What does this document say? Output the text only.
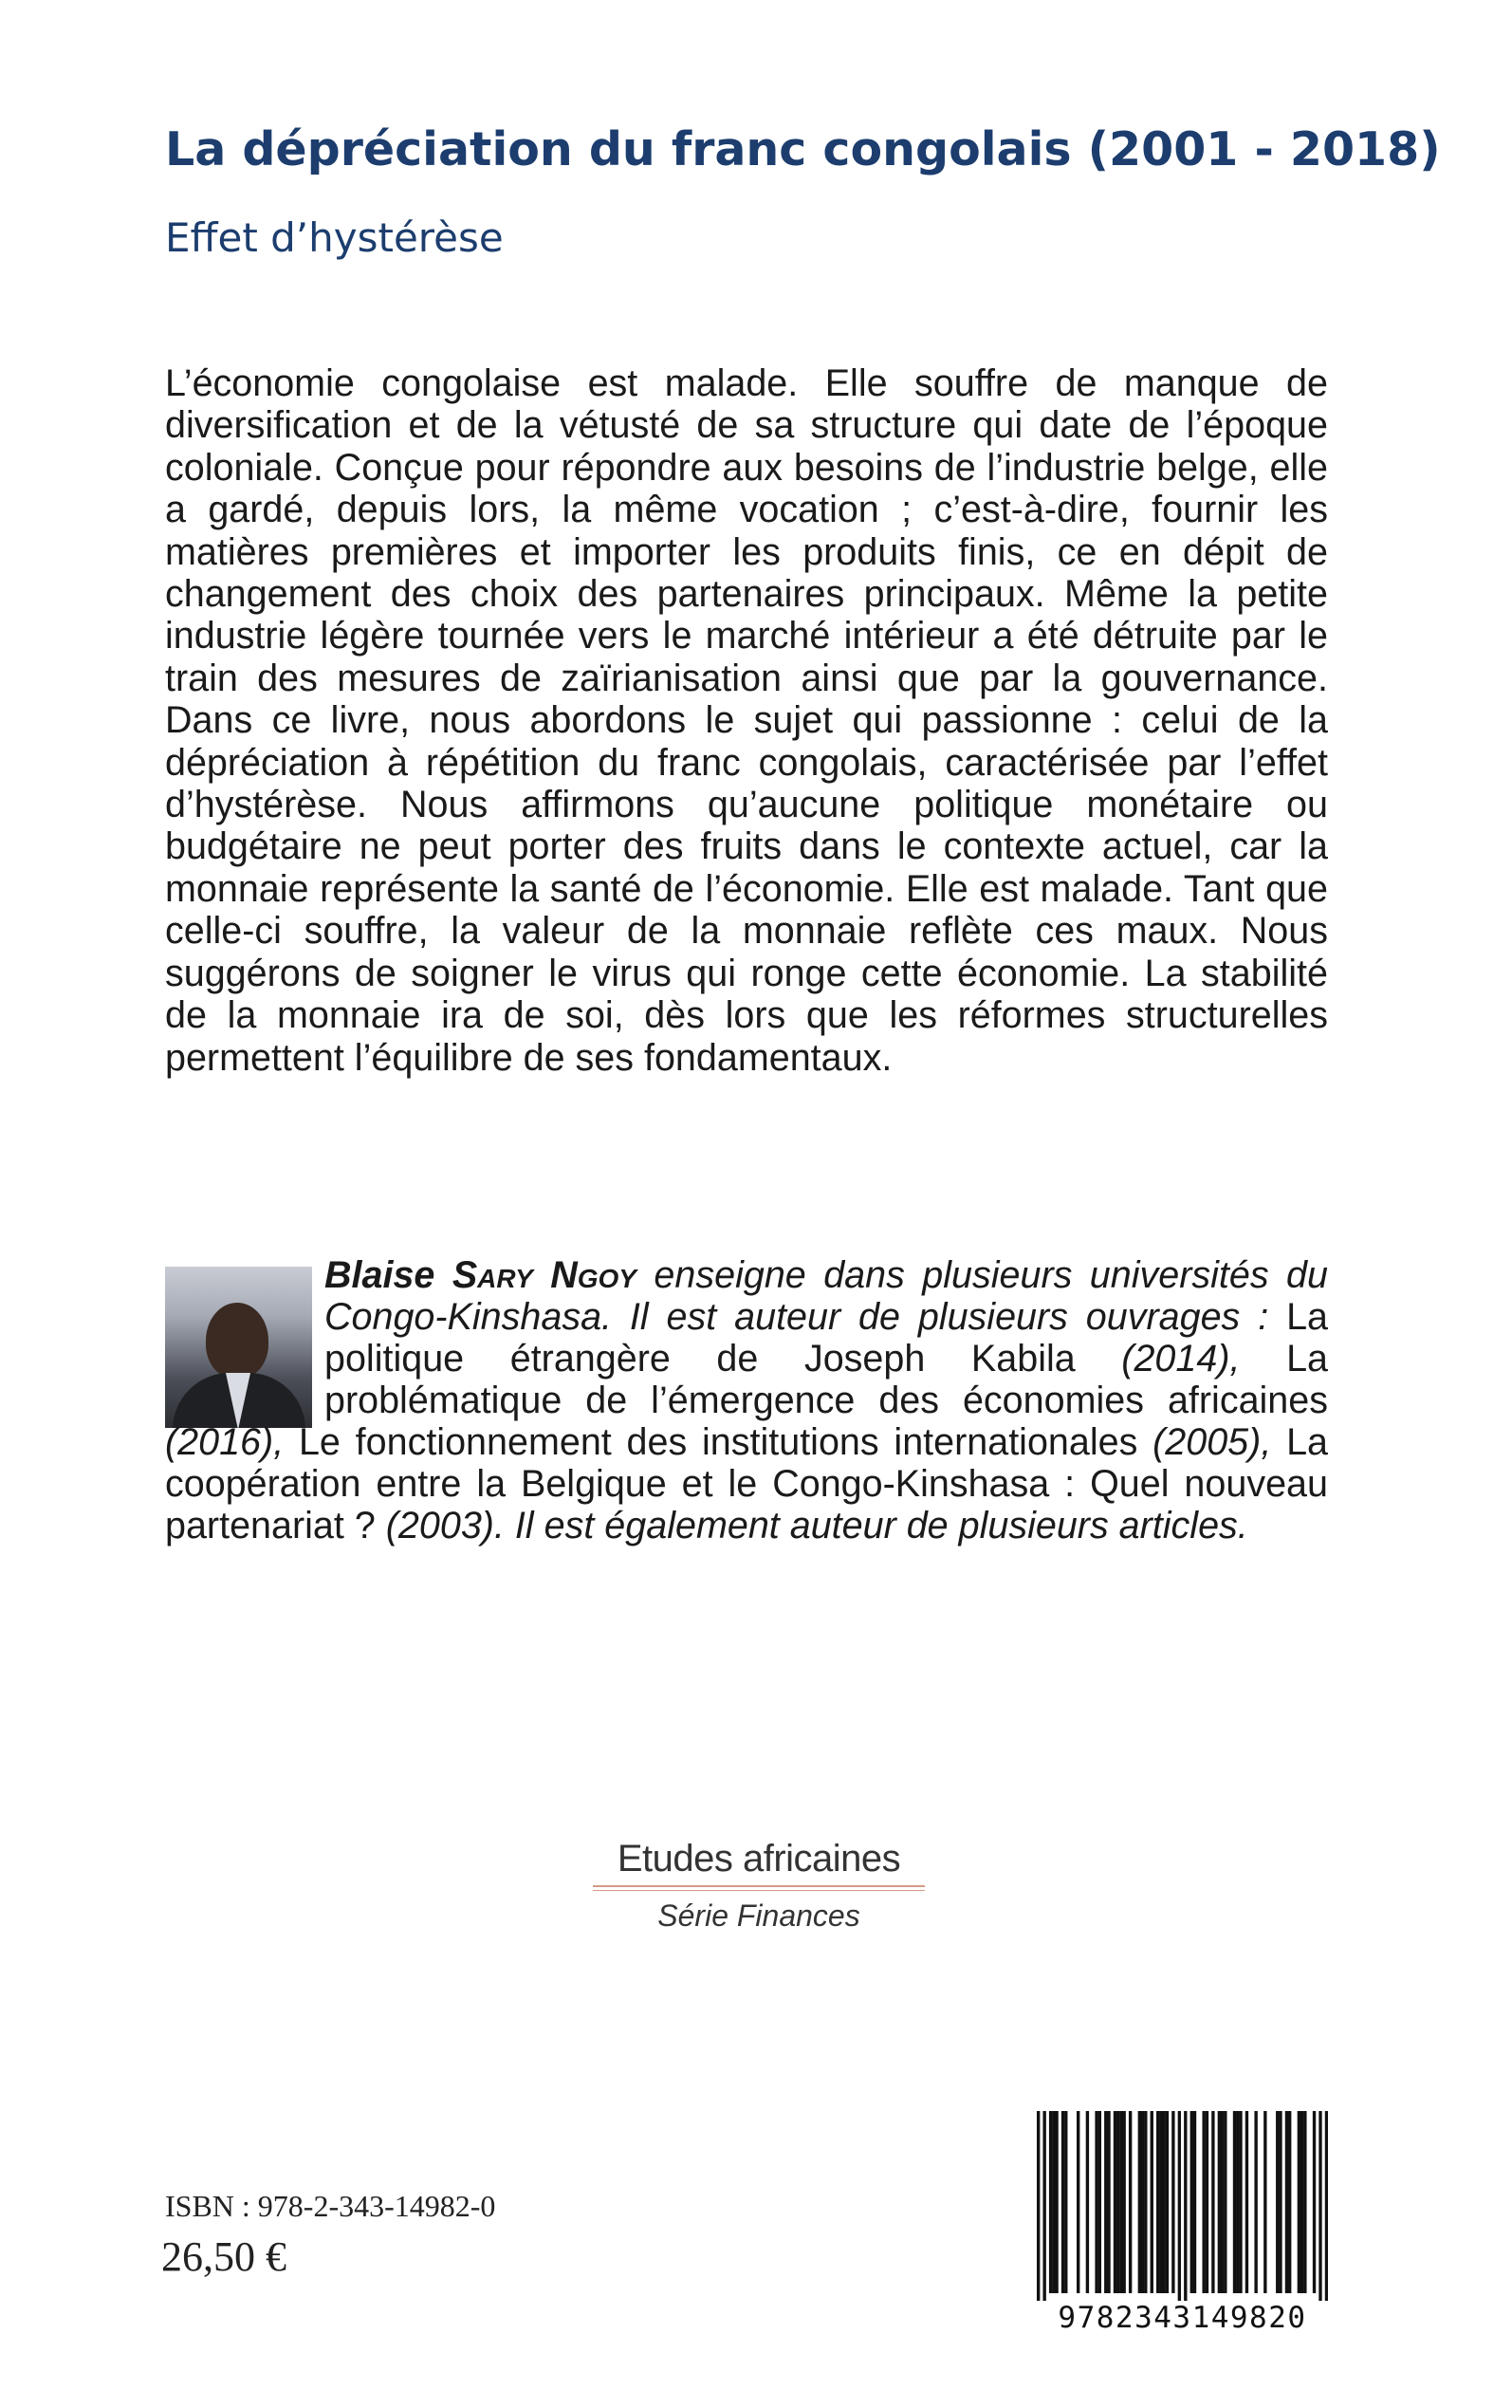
La dépréciation du franc congolais (2001 - 2018)
Effet d’hystérèse

L’économie congolaise est malade. Elle souffre de manque de diversification et de la vétusté de sa structure qui date de l’époque coloniale. Conçue pour répondre aux besoins de l’industrie belge, elle a gardé, depuis lors, la même vocation ; c’est-à-dire, fournir les matières premières et importer les produits finis, ce en dépit de changement des choix des partenaires principaux. Même la petite industrie légère tournée vers le marché intérieur a été détruite par le train des mesures de zaïrianisation ainsi que par la gouvernance. Dans ce livre, nous abordons le sujet qui passionne : celui de la dépréciation à répétition du franc congolais, caractérisée par l’effet d’hystérèse. Nous affirmons qu’aucune politique monétaire ou budgétaire ne peut porter des fruits dans le contexte actuel, car la monnaie représente la santé de l’économie. Elle est malade. Tant que celle-ci souffre, la valeur de la monnaie reflète ces maux. Nous suggérons de soigner le virus qui ronge cette économie. La stabilité de la monnaie ira de soi, dès lors que les réformes structurelles permettent l’équilibre de ses fondamentaux.

Blaise Sary Ngoy enseigne dans plusieurs universités du Congo-Kinshasa. Il est auteur de plusieurs ouvrages : La politique étrangère de Joseph Kabila (2014), La problématique de l’émergence des économies africaines (2016), Le fonctionnement des institutions internationales (2005), La coopération entre la Belgique et le Congo-Kinshasa : Quel nouveau partenariat ? (2003). Il est également auteur de plusieurs articles.

Etudes africaines
Série Finances

ISBN : 978-2-343-14982-0

26,50 €

9782343149820
